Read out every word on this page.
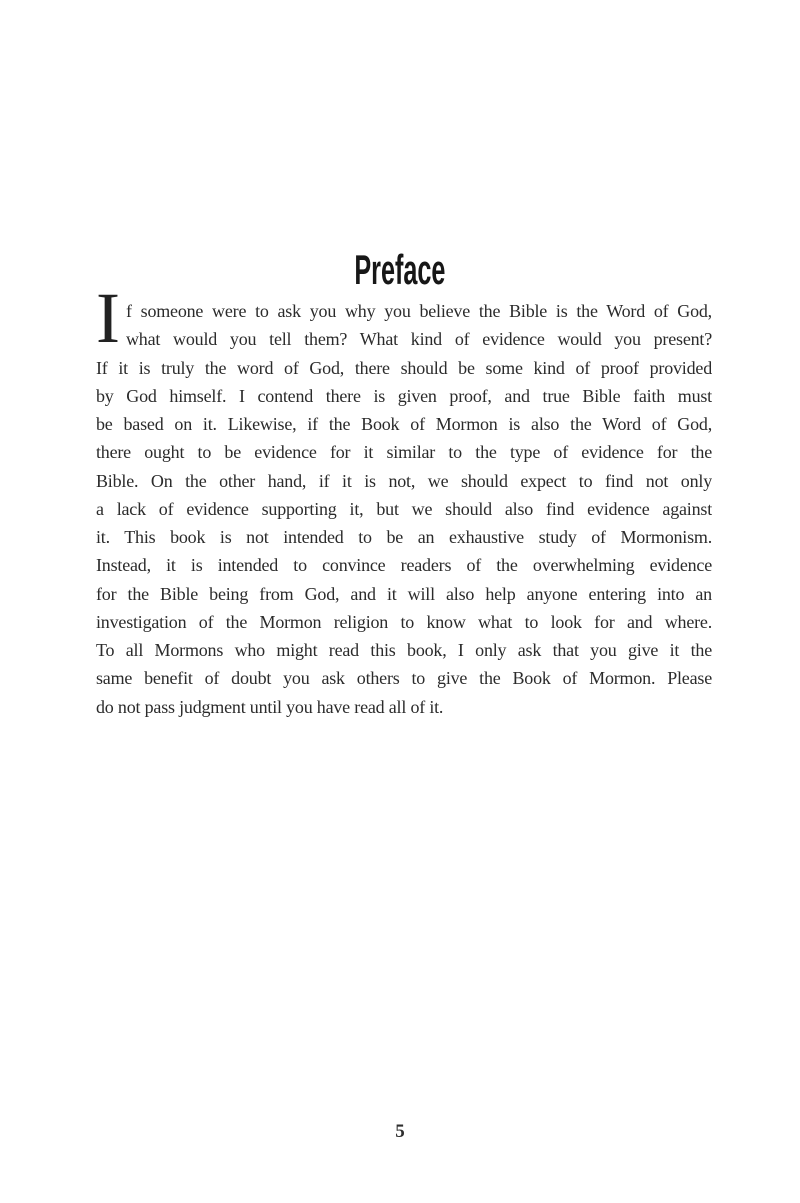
Preface
I f someone were to ask you why you believe the Bible is the Word of God,
what would you tell them? What kind of evidence would you present?
If it is truly the word of God, there should be some kind of proof provided
by God himself. I contend there is given proof, and true Bible faith must
be based on it. Likewise, if the Book of Mormon is also the Word of God,
there ought to be evidence for it similar to the type of evidence for the
Bible. On the other hand, if it is not, we should expect to find not only
a lack of evidence supporting it, but we should also find evidence against
it. This book is not intended to be an exhaustive study of Mormonism.
Instead, it is intended to convince readers of the overwhelming evidence
for the Bible being from God, and it will also help anyone entering into an
investigation of the Mormon religion to know what to look for and where.
To all Mormons who might read this book, I only ask that you give it the
same benefit of doubt you ask others to give the Book of Mormon. Please
do not pass judgment until you have read all of it.
5
